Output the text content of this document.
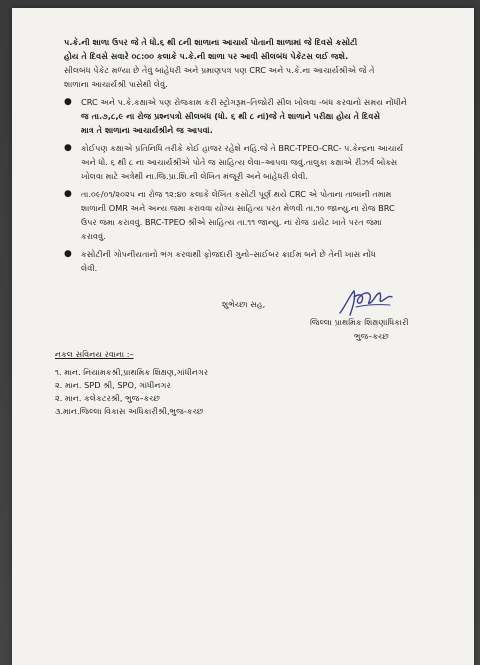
પ.કે.ની શાળા ઉપર જે તે ધો.૬ થી ૮ની શાળાના આચાર્ય પોતાની શાળામાં જે દિવસે કસોટી
હોય તે દિવસે સવારે ૦૮:૦૦ કલાકે પ.કે.ની શાળા પર આવી સીલબંધ પેકેટસ લઈ જશે.
સીલબંધ પેકેટ મળ્યા છે તેવું બાંહેધરી અને પ્રમાણપત્ર પણ CRC અને પ.કે.ના આચાર્યશ્રીએ જે તે
શાળાના આચાર્યશ્રી પાસેથી લેવું.

● CRC અને પ.કે.કક્ષાએ પણ રોજકામ કરી સ્ટ્રોગરૂમ–તિજોરી સીલ ખોલવા -બંધ કરવાનો સમય નોંધીને
જ તા.૭,૮,૯ ના રોજ પ્રશ્નપત્રો સીલબંધ (ધો. ૬ થી ૮ નાં)જે તે શાળાને પરીક્ષા હોય તે દિવસે
માત્ર તે શાળાના આચાર્યશ્રીને જ આપવાં.
● કોઈપણ કક્ષાએ પ્રતિનિધિ તરીકે કોઈ હાજર રહેશે નહિ.જે તે BRC-TPEO-CRC- પ.કેન્દ્રના આચાર્ય
અને ધો. ૬ થી ૮ ના આચાર્યશ્રીએ પોતે જ સાહિત્ય લેવા–આપવા જવું.તાલુકા કક્ષાએ રીઝર્વ બોક્સ
ખોલવા માટે અત્રેથી ના.જિ.પ્રા.શિ.ની લેખિત મંજૂરી અને બાંહેધરી લેવી.
● તા.૦૯/૦૧/૨૦૨૫ ના રોજ ૧૨:૪૦ કલાકે લેખિત કસોટી પૂર્ણ થયે CRC એ પોતાના તાબાની તમામ
શાળાની OMR અને અન્ય જમા કરાવવા યોગ્ય સાહિત્ય પરત મેળવી તા.૧૦ જાન્યુ.ના રોજ BRC
ઉપર જમા કરાવવું. BRC-TPEO શ્રીએ સાહિત્ય તા.૧૧ જાન્યુ. ના રોજ ડાયેટ ખાતે પરત જમા
કરાવવું.
● કસોટીની ગોપનીયતાનો ભંગ કરવાથી ફોજદારી ગુનો–સાઈબર ક્રાઈમ બને છે તેની ખાસ નોંધ
લેવી.
શુભેચ્છા સહ,
જિલ્લા પ્રાથમિક શિક્ષણાધિકારી
ભુજ–કચ્છ
નકલ સવિનય રવાના :–
૧. માન. નિયામકશ્રી,પ્રાથમિક શિક્ષણ,ગાંધીનગર
૨. માન. SPD શ્રી, SPO, ગાંધીનગર
૨. માન. કલેકટરશ્રી, ભુજ–કચ્છ
૩.માન.જિલ્લા વિકાસ અધિકારીશ્રી,ભુજ-કચ્છ
